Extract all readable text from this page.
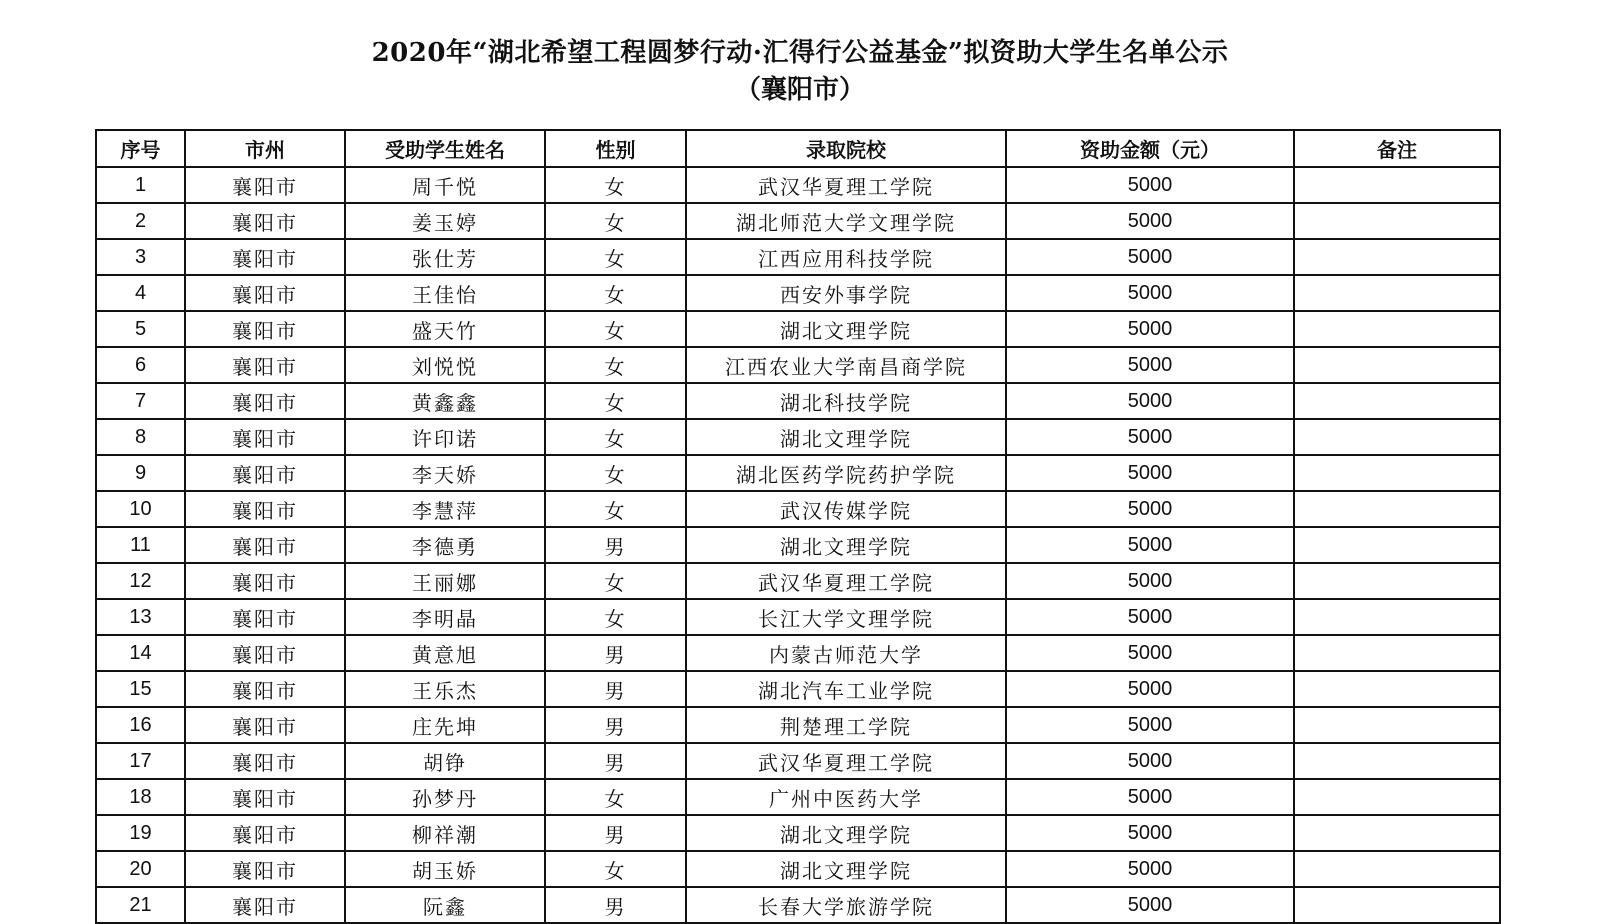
2020年“湖北希望工程圆梦行动·汇得行公益基金”拟资助大学生名单公示

（襄阳市）

序号	市州	受助学生姓名	性别	录取院校	资助金额（元）	备注
1	襄阳市	周千悦	女	武汉华夏理工学院	5000	
2	襄阳市	姜玉婷	女	湖北师范大学文理学院	5000	
3	襄阳市	张仕芳	女	江西应用科技学院	5000	
4	襄阳市	王佳怡	女	西安外事学院	5000	
5	襄阳市	盛天竹	女	湖北文理学院	5000	
6	襄阳市	刘悦悦	女	江西农业大学南昌商学院	5000	
7	襄阳市	黄鑫鑫	女	湖北科技学院	5000	
8	襄阳市	许印诺	女	湖北文理学院	5000	
9	襄阳市	李天娇	女	湖北医药学院药护学院	5000	
10	襄阳市	李慧萍	女	武汉传媒学院	5000	
11	襄阳市	李德勇	男	湖北文理学院	5000	
12	襄阳市	王丽娜	女	武汉华夏理工学院	5000	
13	襄阳市	李明晶	女	长江大学文理学院	5000	
14	襄阳市	黄意旭	男	内蒙古师范大学	5000	
15	襄阳市	王乐杰	男	湖北汽车工业学院	5000	
16	襄阳市	庄先坤	男	荆楚理工学院	5000	
17	襄阳市	胡铮	男	武汉华夏理工学院	5000	
18	襄阳市	孙梦丹	女	广州中医药大学	5000	
19	襄阳市	柳祥潮	男	湖北文理学院	5000	
20	襄阳市	胡玉娇	女	湖北文理学院	5000	
21	襄阳市	阮鑫	男	长春大学旅游学院	5000	
